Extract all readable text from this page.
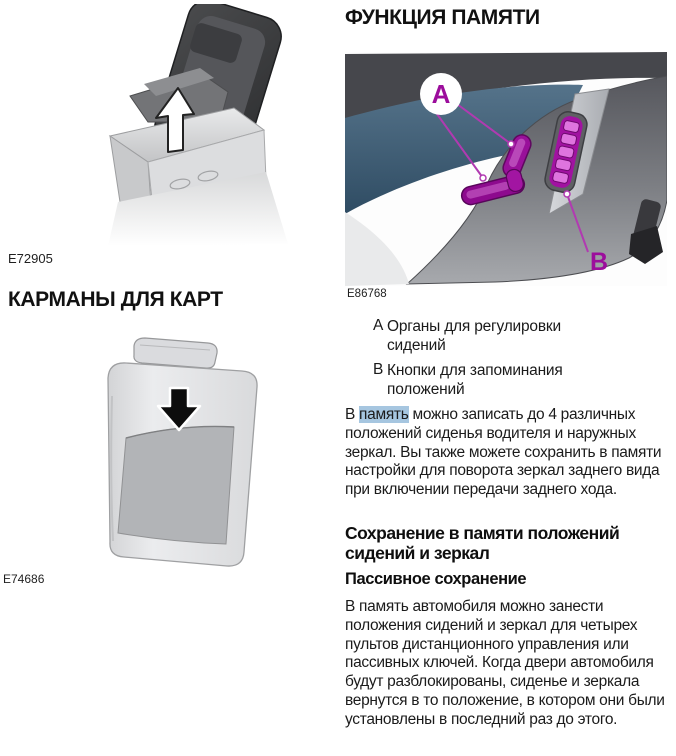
E72905
КАРМАНЫ ДЛЯ КАРТ
E74686
ФУНКЦИЯ ПАМЯТИ
A
B
E86768
A Органы для регулировки сидений
B Кнопки для запоминания положений

В память можно записать до 4 различных положений сиденья водителя и наружных зеркал. Вы также можете сохранить в памяти настройки для поворота зеркал заднего вида при включении передачи заднего хода.

Сохранение в памяти положений сидений и зеркал
Пассивное сохранение

В память автомобиля можно занести положения сидений и зеркал для четырех пультов дистанционного управления или пассивных ключей. Когда двери автомобиля будут разблокированы, сиденье и зеркала вернутся в то положение, в котором они были установлены в последний раз до этого.
